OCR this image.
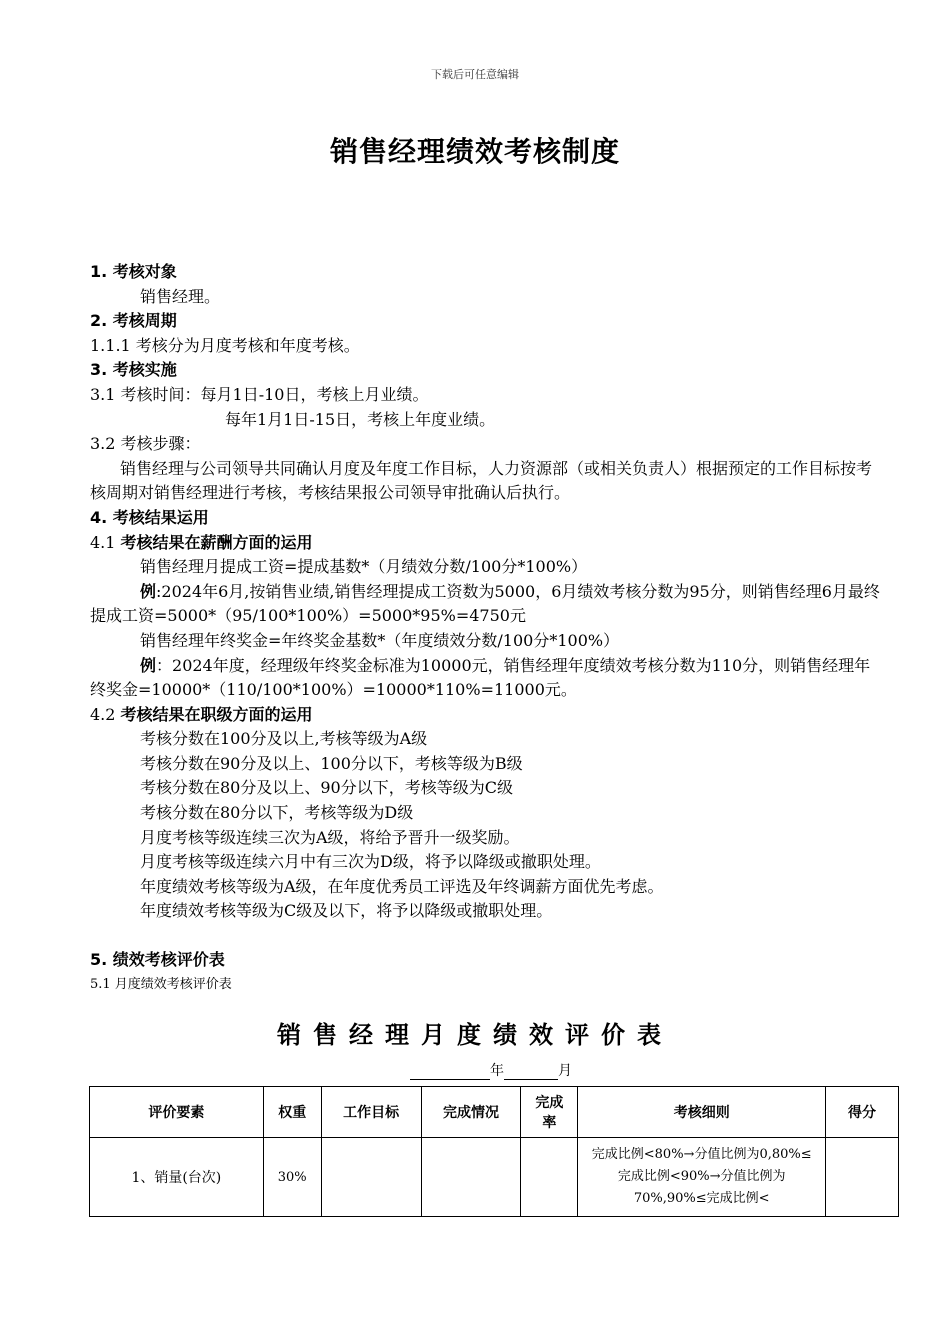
下载后可任意编辑
销售经理绩效考核制度
1. 考核对象
销售经理。
2. 考核周期
1.1.1 考核分为月度考核和年度考核。
3. 考核实施
3.1 考核时间：每月1日-10日，考核上月业绩。
每年1月1日-15日，考核上年度业绩。
3.2 考核步骤：
销售经理与公司领导共同确认月度及年度工作目标，人力资源部（或相关负责人）根据预定的工作目标按考核周期对销售经理进行考核，考核结果报公司领导审批确认后执行。
4. 考核结果运用
4.1 考核结果在薪酬方面的运用
销售经理月提成工资=提成基数*（月绩效分数/100分*100%）
例:2024年6月,按销售业绩,销售经理提成工资数为5000，6月绩效考核分数为95分，则销售经理6月最终提成工资=5000*（95/100*100%）=5000*95%=4750元
销售经理年终奖金=年终奖金基数*（年度绩效分数/100分*100%）
例：2024年度，经理级年终奖金标准为10000元，销售经理年度绩效考核分数为110分，则销售经理年终奖金=10000*（110/100*100%）=10000*110%=11000元。
4.2 考核结果在职级方面的运用
考核分数在100分及以上,考核等级为A级
考核分数在90分及以上、100分以下，考核等级为B级
考核分数在80分及以上、90分以下，考核等级为C级
考核分数在80分以下，考核等级为D级
月度考核等级连续三次为A级，将给予晋升一级奖励。
月度考核等级连续六月中有三次为D级，将予以降级或撤职处理。
年度绩效考核等级为A级，在年度优秀员工评选及年终调薪方面优先考虑。
年度绩效考核等级为C级及以下，将予以降级或撤职处理。
5. 绩效考核评价表
5.1 月度绩效考核评价表
销售经理月度绩效评价表
年	月
评价要素	权重	工作目标	完成情况	完成率	考核细则	得分
1、销量(台次)	30%				完成比例<80%→分值比例为0,80%≤完成比例<90%→分值比例为70%,90%≤完成比例<	
